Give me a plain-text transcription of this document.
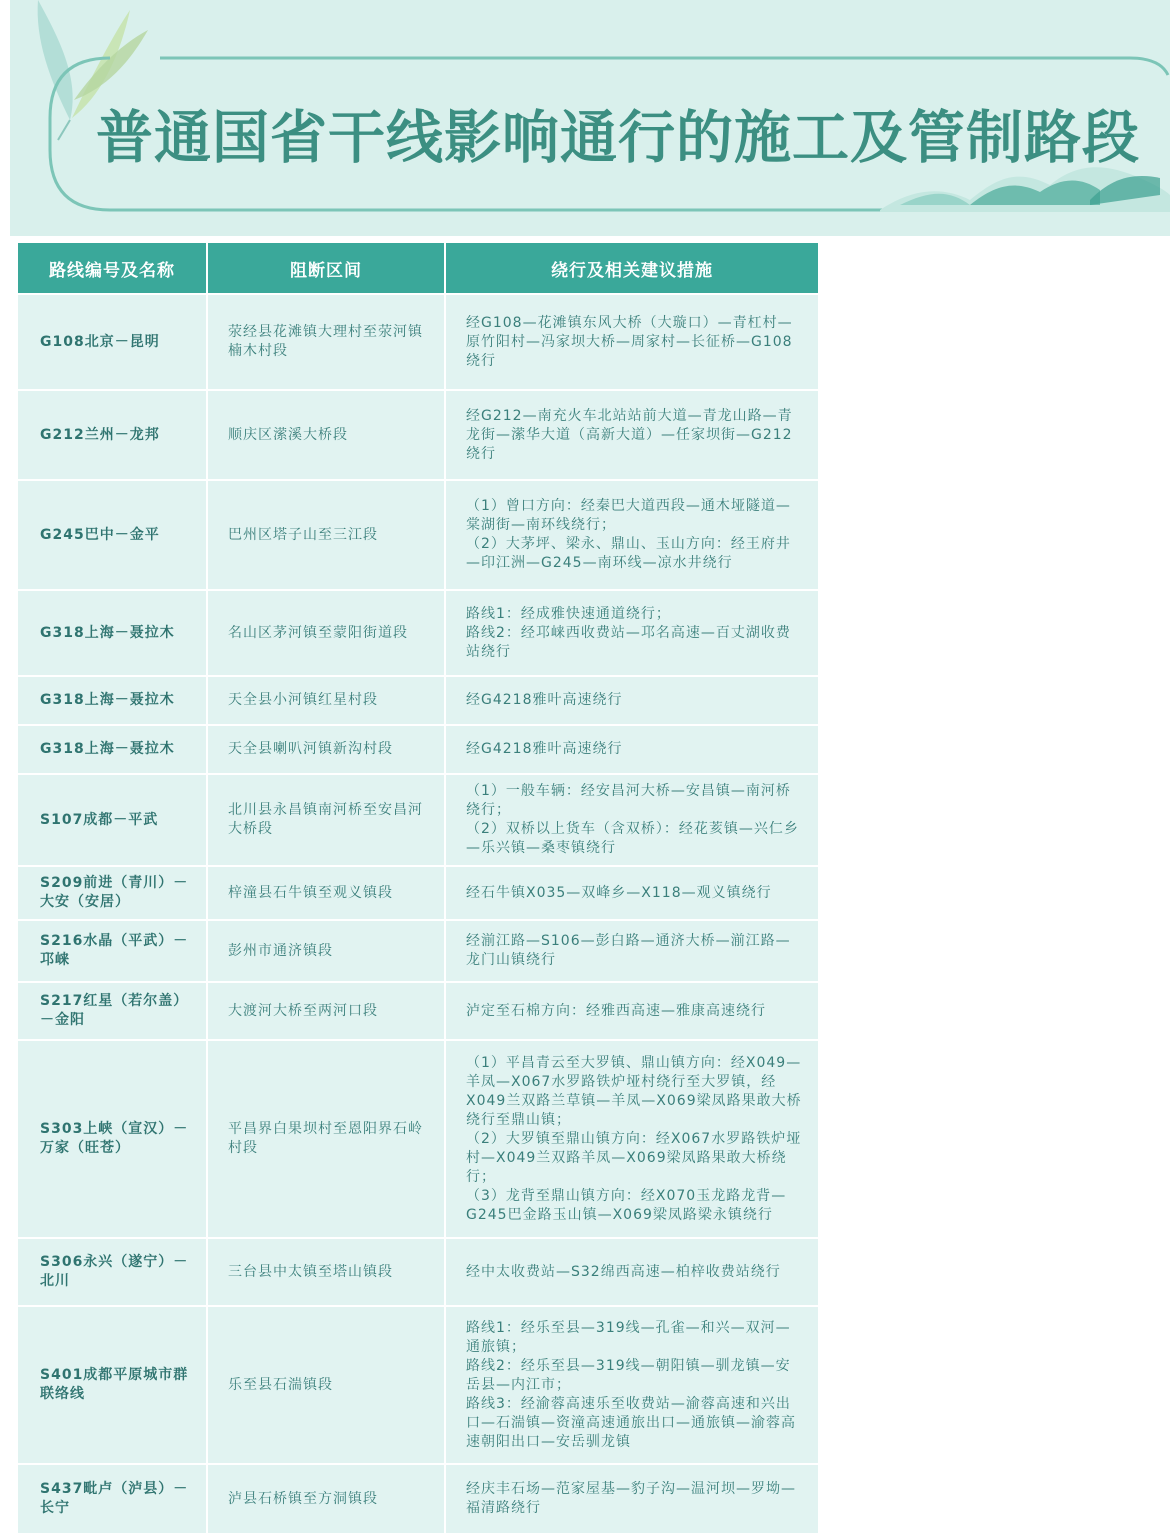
普通国省干线影响通行的施工及管制路段
路线编号及名称	阻断区间	绕行及相关建议措施
G108北京－昆明	荥经县花滩镇大理村至荥河镇楠木村段	经G108—花滩镇东风大桥（大璇口）—青杠村—原竹阳村—冯家坝大桥—周家村—长征桥—G108绕行
G212兰州－龙邦	顺庆区潆溪大桥段	经G212—南充火车北站站前大道—青龙山路—青龙街—潆华大道（高新大道）—任家坝街—G212绕行
G245巴中－金平	巴州区塔子山至三江段	（1）曾口方向：经秦巴大道西段—通木垭隧道—棠湖街—南环线绕行；
（2）大茅坪、梁永、鼎山、玉山方向：经王府井—印江洲—G245—南环线—凉水井绕行
G318上海－聂拉木	名山区茅河镇至蒙阳街道段	路线1：经成雅快速通道绕行；
路线2：经邛崃西收费站—邛名高速—百丈湖收费站绕行
G318上海－聂拉木	天全县小河镇红星村段	经G4218雅叶高速绕行
G318上海－聂拉木	天全县喇叭河镇新沟村段	经G4218雅叶高速绕行
S107成都－平武	北川县永昌镇南河桥至安昌河大桥段	（1）一般车辆：经安昌河大桥—安昌镇—南河桥绕行；
（2）双桥以上货车（含双桥）：经花荄镇—兴仁乡—乐兴镇—桑枣镇绕行
S209前进（青川）－大安（安居）	梓潼县石牛镇至观义镇段	经石牛镇X035—双峰乡—X118—观义镇绕行
S216水晶（平武）－邛崃	彭州市通济镇段	经湔江路—S106—彭白路—通济大桥—湔江路—龙门山镇绕行
S217红星（若尔盖）－金阳	大渡河大桥至两河口段	泸定至石棉方向：经雅西高速—雅康高速绕行
S303上峡（宣汉）－万家（旺苍）	平昌界白果坝村至恩阳界石岭村段	（1）平昌青云至大罗镇、鼎山镇方向：经X049—羊凤—X067水罗路铁炉垭村绕行至大罗镇，经X049兰双路兰草镇—羊凤—X069梁凤路果敢大桥绕行至鼎山镇；
（2）大罗镇至鼎山镇方向：经X067水罗路铁炉垭村—X049兰双路羊凤—X069梁凤路果敢大桥绕行；
（3）龙背至鼎山镇方向：经X070玉龙路龙背—G245巴金路玉山镇—X069梁凤路梁永镇绕行
S306永兴（遂宁）－北川	三台县中太镇至塔山镇段	经中太收费站—S32绵西高速—柏梓收费站绕行
S401成都平原城市群联络线	乐至县石湍镇段	路线1：经乐至县—319线—孔雀—和兴—双河—通旅镇；
路线2：经乐至县—319线—朝阳镇—驯龙镇—安岳县—内江市；
路线3：经渝蓉高速乐至收费站—渝蓉高速和兴出口—石湍镇—资潼高速通旅出口—通旅镇—渝蓉高速朝阳出口—安岳驯龙镇
S437毗卢（泸县）－长宁	泸县石桥镇至方洞镇段	经庆丰石场—范家屋基—豹子沟—温河坝—罗坳—福清路绕行
